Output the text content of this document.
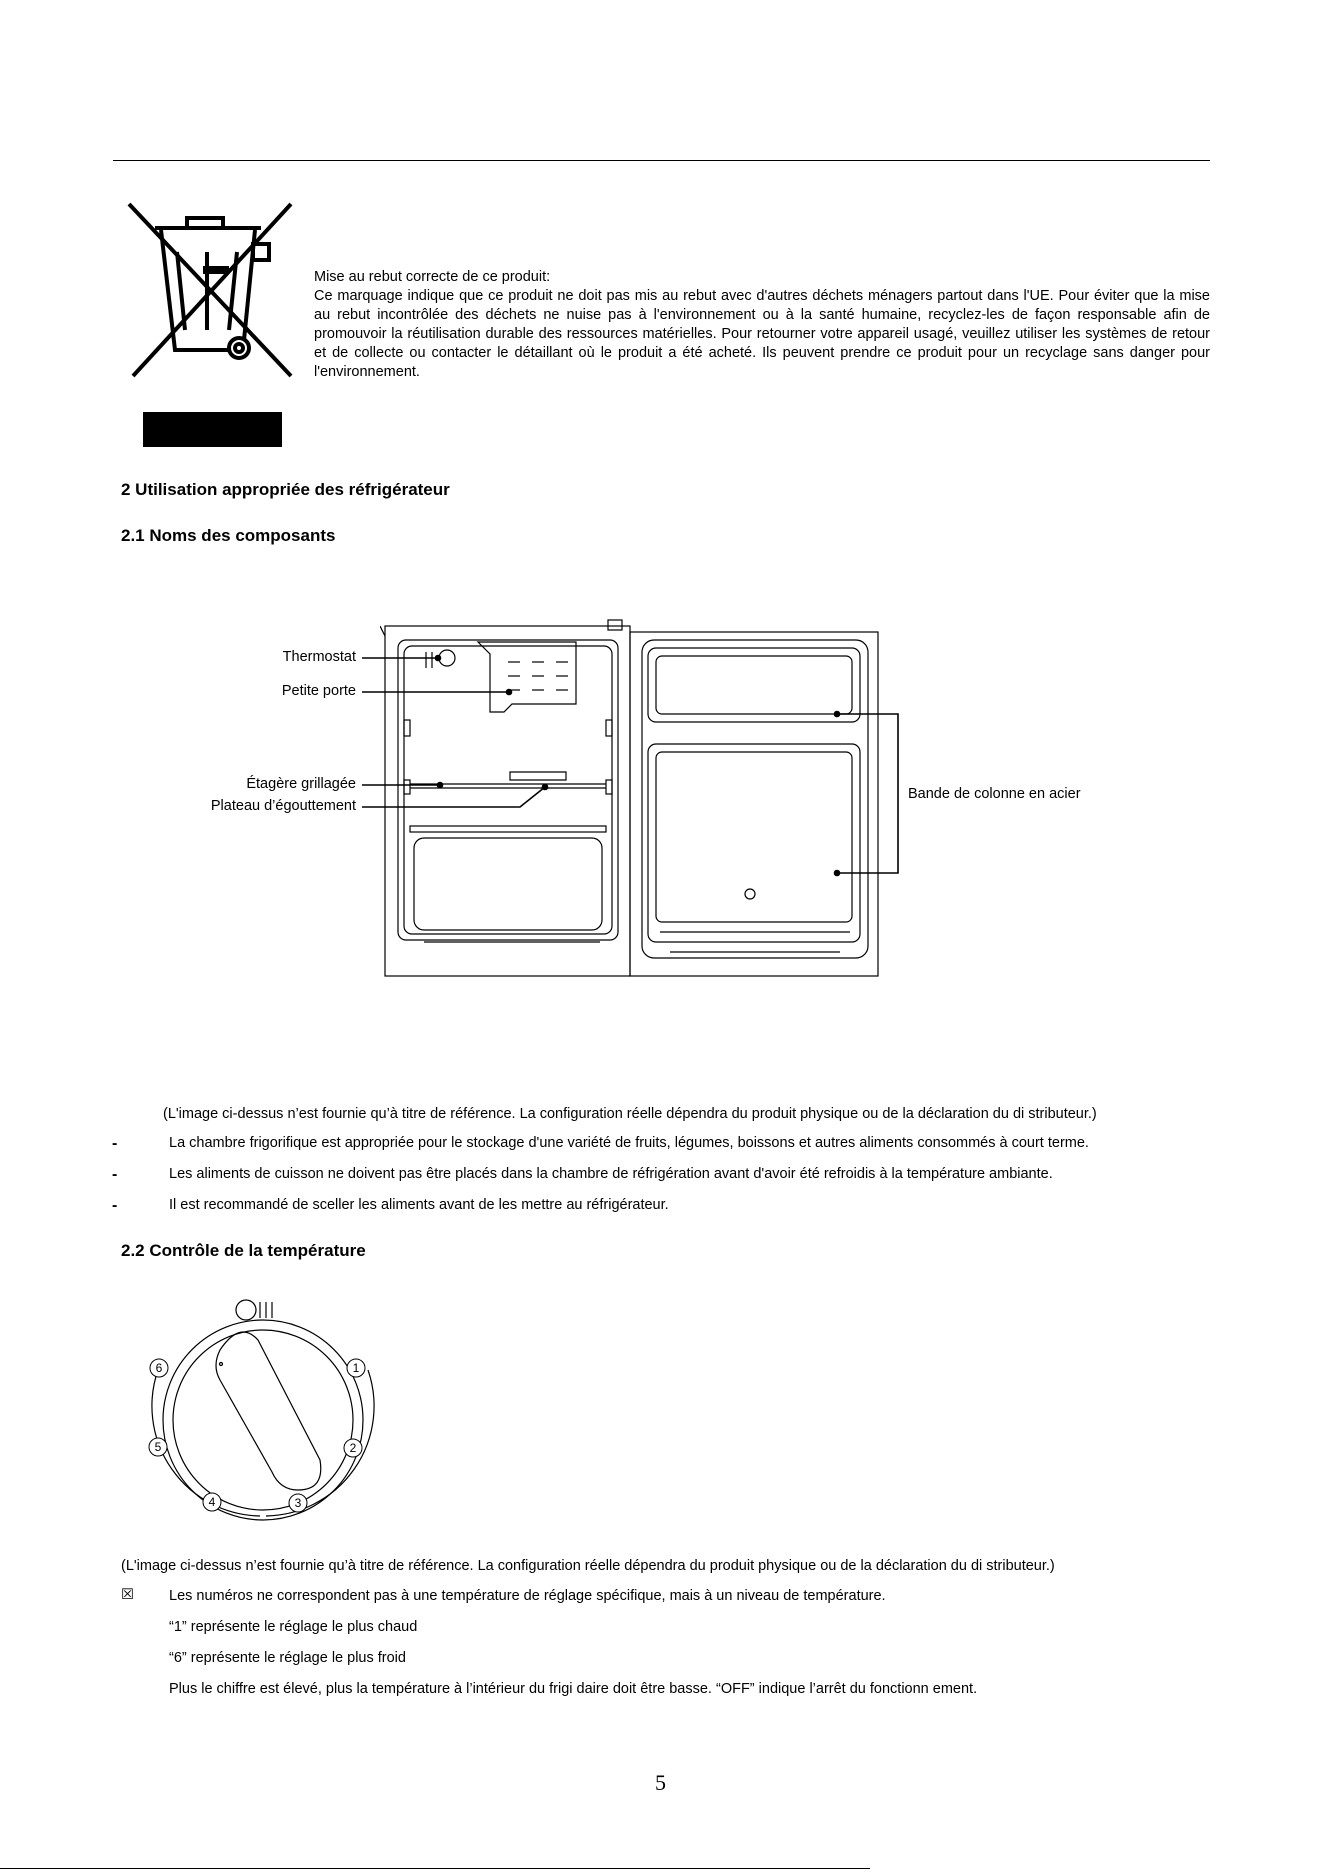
Mise au rebut correcte de ce produit:
Ce marquage indique que ce produit ne doit pas mis au rebut avec d'autres déchets ménagers partout dans l'UE. Pour éviter que la mise au rebut incontrôlée des déchets ne nuise pas à l'environnement ou à la santé humaine, recyclez-les de façon responsable afin de promouvoir la réutilisation durable des ressources matérielles. Pour retourner votre appareil usagé, veuillez utiliser les systèmes de retour et de collecte ou contacter le détaillant où le produit a été acheté. Ils peuvent prendre ce produit pour un recyclage sans danger pour l'environnement.
2 Utilisation appropriée des réfrigérateur
2.1 Noms des composants
Thermostat
Petite porte
Étagère grillagée
Plateau d’égouttement
Bande de colonne en acier
(L'image ci-dessus n’est fournie qu’à titre de référence. La configuration réelle dépendra du produit physique ou de la déclaration du di stributeur.)
-	La chambre frigorifique est appropriée pour le stockage d'une variété de fruits, légumes, boissons et autres aliments consommés à court terme.
-	Les aliments de cuisson ne doivent pas être placés dans la chambre de réfrigération avant d'avoir été refroidis à la température ambiante.
-	Il est recommandé de sceller les aliments avant de les mettre au réfrigérateur.
2.2 Contrôle de la température
6	1
2
3
4
5
(L'image ci-dessus n’est fournie qu’à titre de référence. La configuration réelle dépendra du produit physique ou de la déclaration du di stributeur.)
☒ Les numéros ne correspondent pas à une température de réglage spécifique, mais à un niveau de température.
“1” représente le réglage le plus chaud
“6” représente le réglage le plus froid
Plus le chiffre est élevé, plus la température à l’intérieur du frigi daire doit être basse. “OFF” indique l’arrêt du fonctionn ement.
5
